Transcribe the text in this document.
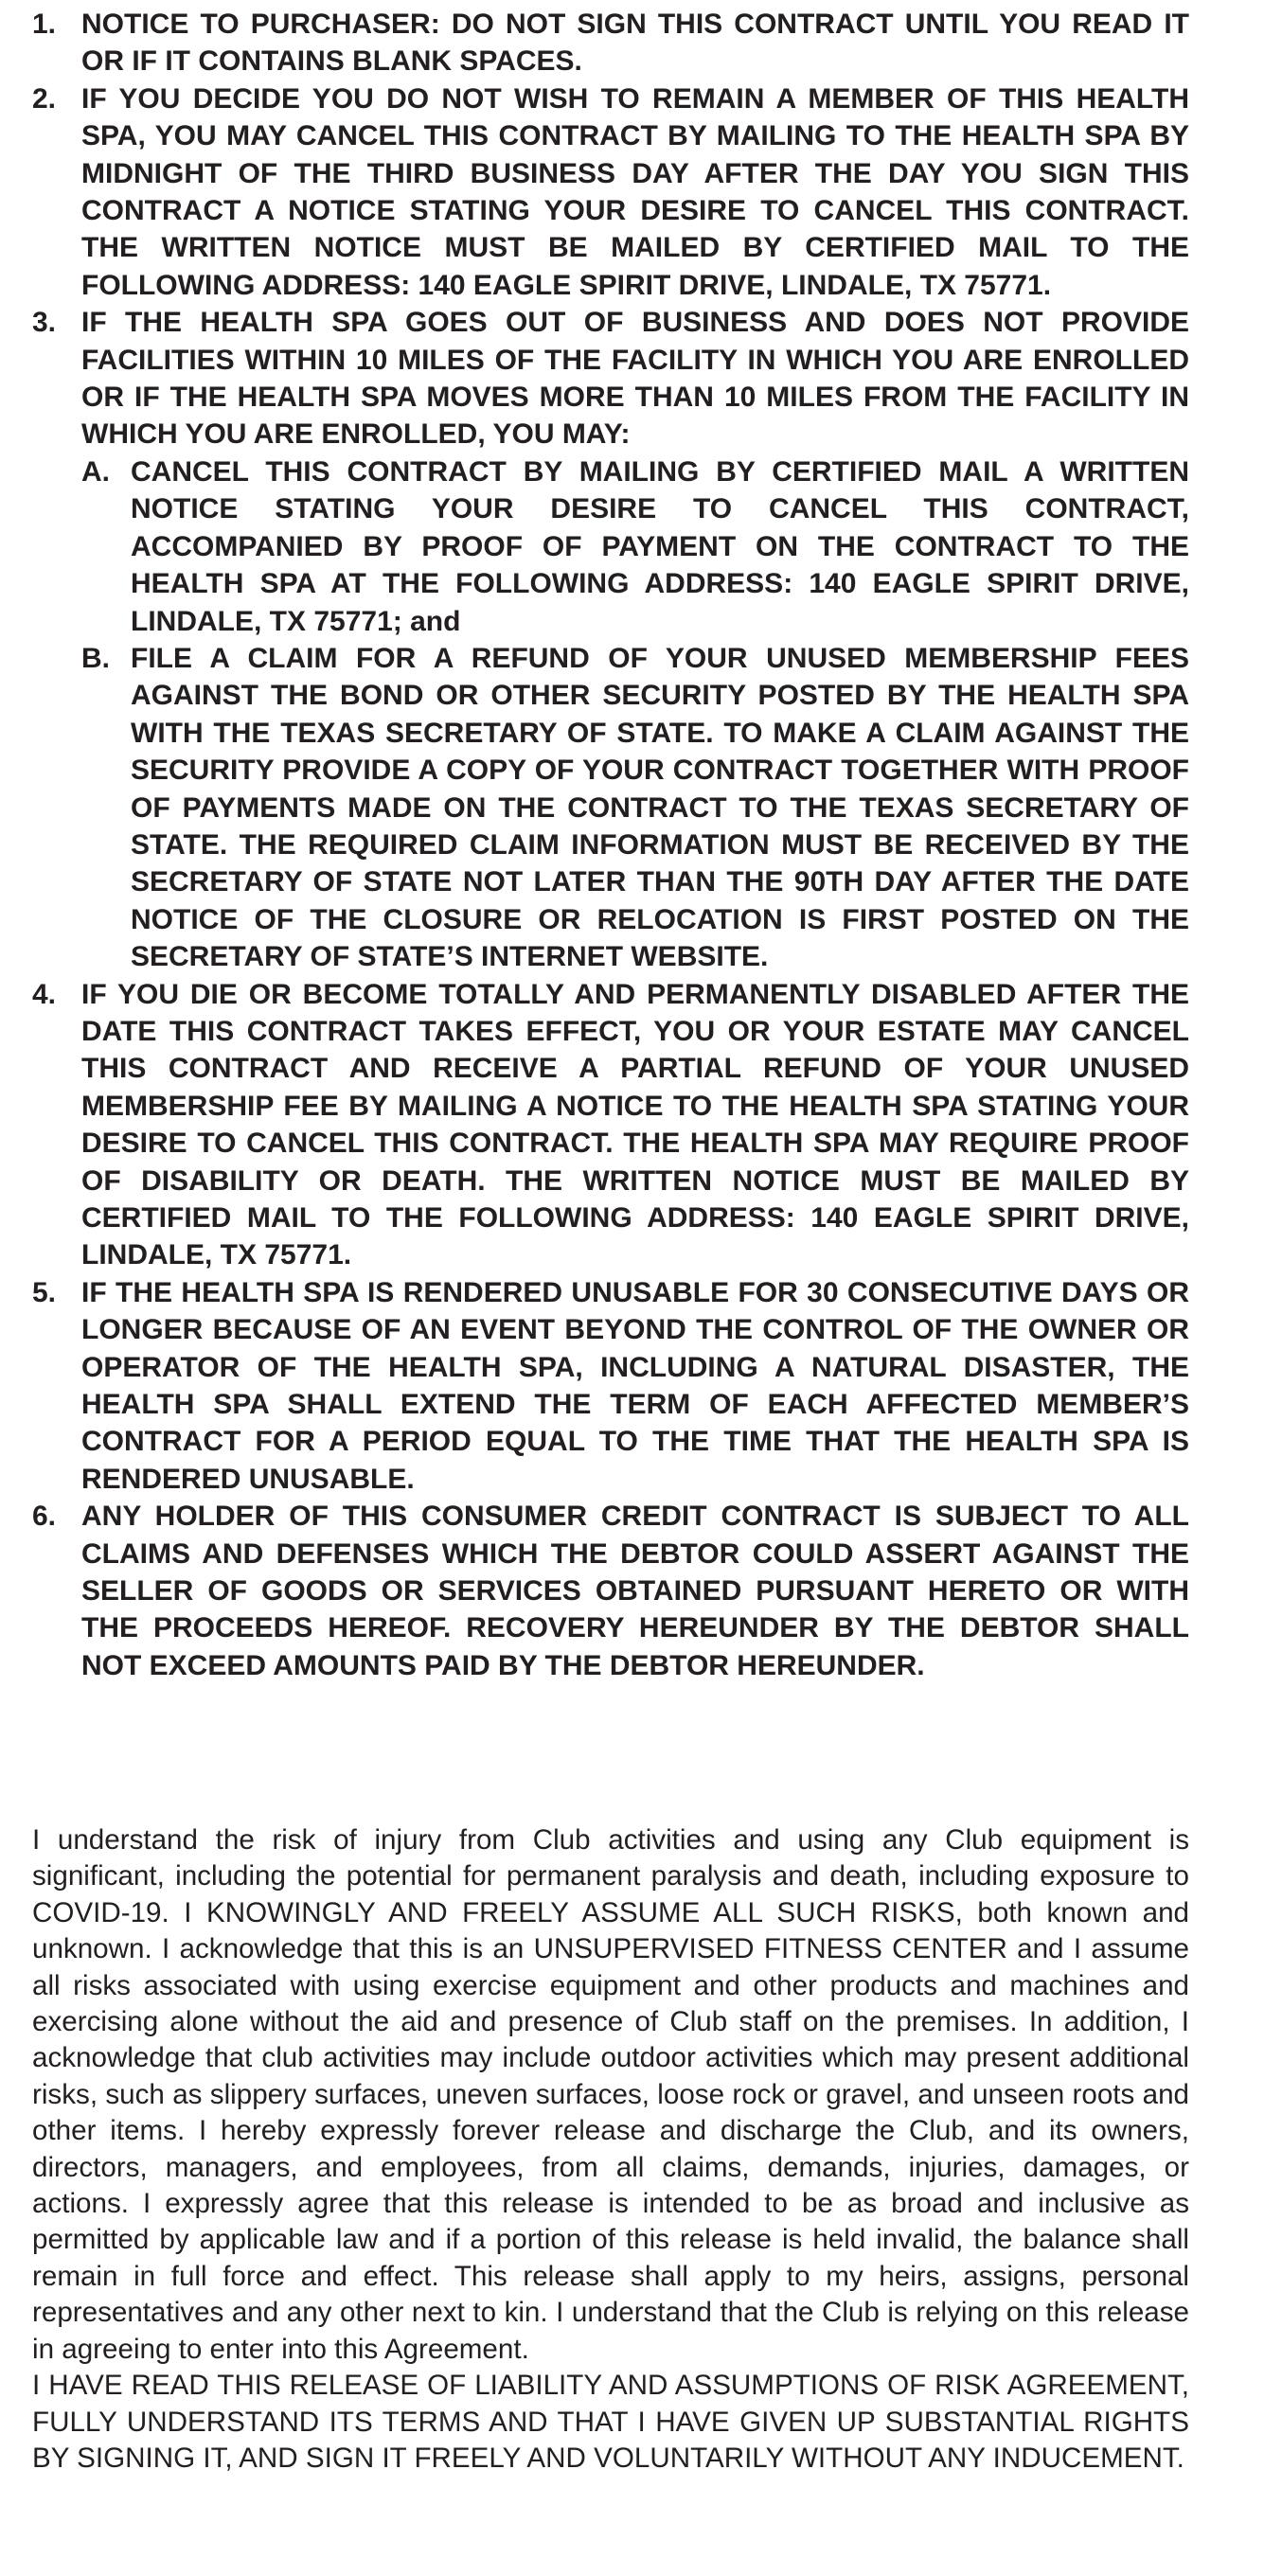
1. NOTICE TO PURCHASER: DO NOT SIGN THIS CONTRACT UNTIL YOU READ IT OR IF IT CONTAINS BLANK SPACES.
2. IF YOU DECIDE YOU DO NOT WISH TO REMAIN A MEMBER OF THIS HEALTH SPA, YOU MAY CANCEL THIS CONTRACT BY MAILING TO THE HEALTH SPA BY MIDNIGHT OF THE THIRD BUSINESS DAY AFTER THE DAY YOU SIGN THIS CONTRACT A NOTICE STATING YOUR DESIRE TO CANCEL THIS CONTRACT. THE WRITTEN NOTICE MUST BE MAILED BY CERTIFIED MAIL TO THE FOLLOWING ADDRESS: 140 EAGLE SPIRIT DRIVE, LINDALE, TX 75771.
3. IF THE HEALTH SPA GOES OUT OF BUSINESS AND DOES NOT PROVIDE FACILITIES WITHIN 10 MILES OF THE FACILITY IN WHICH YOU ARE ENROLLED OR IF THE HEALTH SPA MOVES MORE THAN 10 MILES FROM THE FACILITY IN WHICH YOU ARE ENROLLED, YOU MAY:
A. CANCEL THIS CONTRACT BY MAILING BY CERTIFIED MAIL A WRITTEN NOTICE STATING YOUR DESIRE TO CANCEL THIS CONTRACT, ACCOMPANIED BY PROOF OF PAYMENT ON THE CONTRACT TO THE HEALTH SPA AT THE FOLLOWING ADDRESS: 140 EAGLE SPIRIT DRIVE, LINDALE, TX 75771; and
B. FILE A CLAIM FOR A REFUND OF YOUR UNUSED MEMBERSHIP FEES AGAINST THE BOND OR OTHER SECURITY POSTED BY THE HEALTH SPA WITH THE TEXAS SECRETARY OF STATE. TO MAKE A CLAIM AGAINST THE SECURITY PROVIDE A COPY OF YOUR CONTRACT TOGETHER WITH PROOF OF PAYMENTS MADE ON THE CONTRACT TO THE TEXAS SECRETARY OF STATE. THE REQUIRED CLAIM INFORMATION MUST BE RECEIVED BY THE SECRETARY OF STATE NOT LATER THAN THE 90TH DAY AFTER THE DATE NOTICE OF THE CLOSURE OR RELOCATION IS FIRST POSTED ON THE SECRETARY OF STATE’S INTERNET WEBSITE.
4. IF YOU DIE OR BECOME TOTALLY AND PERMANENTLY DISABLED AFTER THE DATE THIS CONTRACT TAKES EFFECT, YOU OR YOUR ESTATE MAY CANCEL THIS CONTRACT AND RECEIVE A PARTIAL REFUND OF YOUR UNUSED MEMBERSHIP FEE BY MAILING A NOTICE TO THE HEALTH SPA STATING YOUR DESIRE TO CANCEL THIS CONTRACT. THE HEALTH SPA MAY REQUIRE PROOF OF DISABILITY OR DEATH. THE WRITTEN NOTICE MUST BE MAILED BY CERTIFIED MAIL TO THE FOLLOWING ADDRESS: 140 EAGLE SPIRIT DRIVE, LINDALE, TX 75771.
5. IF THE HEALTH SPA IS RENDERED UNUSABLE FOR 30 CONSECUTIVE DAYS OR LONGER BECAUSE OF AN EVENT BEYOND THE CONTROL OF THE OWNER OR OPERATOR OF THE HEALTH SPA, INCLUDING A NATURAL DISASTER, THE HEALTH SPA SHALL EXTEND THE TERM OF EACH AFFECTED MEMBER’S CONTRACT FOR A PERIOD EQUAL TO THE TIME THAT THE HEALTH SPA IS RENDERED UNUSABLE.
6. ANY HOLDER OF THIS CONSUMER CREDIT CONTRACT IS SUBJECT TO ALL CLAIMS AND DEFENSES WHICH THE DEBTOR COULD ASSERT AGAINST THE SELLER OF GOODS OR SERVICES OBTAINED PURSUANT HERETO OR WITH THE PROCEEDS HEREOF. RECOVERY HEREUNDER BY THE DEBTOR SHALL NOT EXCEED AMOUNTS PAID BY THE DEBTOR HEREUNDER.

I understand the risk of injury from Club activities and using any Club equipment is significant, including the potential for permanent paralysis and death, including exposure to COVID-19. I KNOWINGLY AND FREELY ASSUME ALL SUCH RISKS, both known and unknown. I acknowledge that this is an UNSUPERVISED FITNESS CENTER and I assume all risks associated with using exercise equipment and other products and machines and exercising alone without the aid and presence of Club staff on the premises. In addition, I acknowledge that club activities may include outdoor activities which may present additional risks, such as slippery surfaces, uneven surfaces, loose rock or gravel, and unseen roots and other items. I hereby expressly forever release and discharge the Club, and its owners, directors, managers, and employees, from all claims, demands, injuries, damages, or actions. I expressly agree that this release is intended to be as broad and inclusive as permitted by applicable law and if a portion of this release is held invalid, the balance shall remain in full force and effect. This release shall apply to my heirs, assigns, personal representatives and any other next to kin. I understand that the Club is relying on this release in agreeing to enter into this Agreement.

I HAVE READ THIS RELEASE OF LIABILITY AND ASSUMPTIONS OF RISK AGREEMENT, FULLY UNDERSTAND ITS TERMS AND THAT I HAVE GIVEN UP SUBSTANTIAL RIGHTS BY SIGNING IT, AND SIGN IT FREELY AND VOLUNTARILY WITHOUT ANY INDUCEMENT.
